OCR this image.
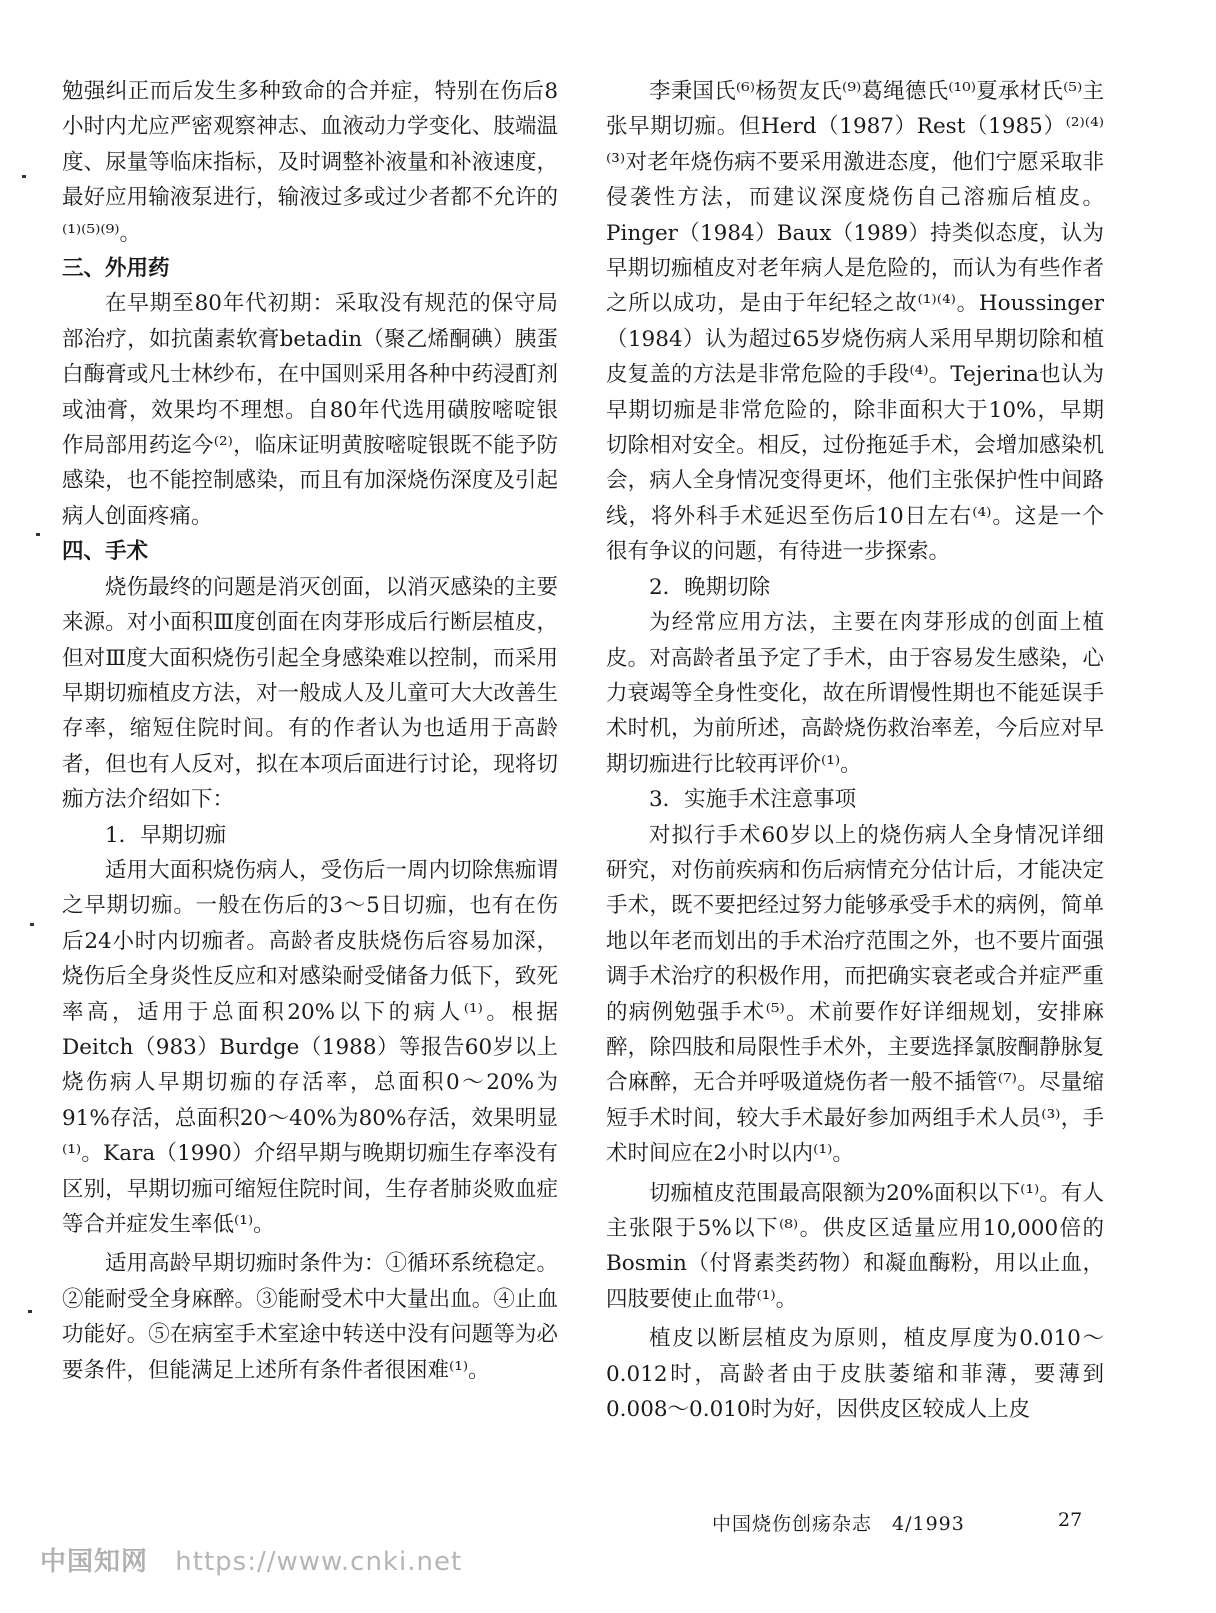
勉强纠正而后发生多种致命的合并症，特别在伤后8小时内尤应严密观察神志、血液动力学变化、肢端温度、尿量等临床指标，及时调整补液量和补液速度，最好应用输液泵进行，输液过多或过少者都不允许的⁽¹⁾⁽⁵⁾⁽⁹⁾。

三、外用药

在早期至80年代初期：采取没有规范的保守局部治疗，如抗菌素软膏betadin（聚乙烯酮碘）胰蛋白酶膏或凡士林纱布，在中国则采用各种中药浸酊剂或油膏，效果均不理想。自80年代选用磺胺嘧啶银作局部用药迄今⁽²⁾，临床证明黄胺嘧啶银既不能予防感染，也不能控制感染，而且有加深烧伤深度及引起病人创面疼痛。

四、手术

烧伤最终的问题是消灭创面，以消灭感染的主要来源。对小面积Ⅲ度创面在肉芽形成后行断层植皮，但对Ⅲ度大面积烧伤引起全身感染难以控制，而采用早期切痂植皮方法，对一般成人及儿童可大大改善生存率，缩短住院时间。有的作者认为也适用于高龄者，但也有人反对，拟在本项后面进行讨论，现将切痂方法介绍如下：

1．早期切痂

适用大面积烧伤病人，受伤后一周内切除焦痂谓之早期切痂。一般在伤后的3～5日切痂，也有在伤后24小时内切痂者。高龄者皮肤烧伤后容易加深，烧伤后全身炎性反应和对感染耐受储备力低下，致死率高，适用于总面积20%以下的病人⁽¹⁾。根据Deitch（983）Burdge（1988）等报告60岁以上烧伤病人早期切痂的存活率，总面积0～20%为91%存活，总面积20～40%为80%存活，效果明显⁽¹⁾。Kara（1990）介绍早期与晚期切痂生存率没有区别，早期切痂可缩短住院时间，生存者肺炎败血症等合并症发生率低⁽¹⁾。

适用高龄早期切痂时条件为：①循环系统稳定。②能耐受全身麻醉。③能耐受术中大量出血。④止血功能好。⑤在病室手术室途中转送中没有问题等为必要条件，但能满足上述所有条件者很困难⁽¹⁾。

李秉国氏⁽⁶⁾杨贺友氏⁽⁹⁾葛绳德氏⁽¹⁰⁾夏承材氏⁽⁵⁾主张早期切痂。但Herd（1987）Rest（1985）⁽²⁾⁽⁴⁾⁽³⁾对老年烧伤病不要采用激进态度，他们宁愿采取非侵袭性方法，而建议深度烧伤自己溶痂后植皮。Pinger（1984）Baux（1989）持类似态度，认为早期切痂植皮对老年病人是危险的，而认为有些作者之所以成功，是由于年纪轻之故⁽¹⁾⁽⁴⁾。Houssinger（1984）认为超过65岁烧伤病人采用早期切除和植皮复盖的方法是非常危险的手段⁽⁴⁾。Tejerina也认为早期切痂是非常危险的，除非面积大于10%，早期切除相对安全。相反，过份拖延手术，会增加感染机会，病人全身情况变得更坏，他们主张保护性中间路线，将外科手术延迟至伤后10日左右⁽⁴⁾。这是一个很有争议的问题，有待进一步探索。

2．晚期切除

为经常应用方法，主要在肉芽形成的创面上植皮。对高龄者虽予定了手术，由于容易发生感染，心力衰竭等全身性变化，故在所谓慢性期也不能延误手术时机，为前所述，高龄烧伤救治率差，今后应对早期切痂进行比较再评价⁽¹⁾。

3．实施手术注意事项

对拟行手术60岁以上的烧伤病人全身情况详细研究，对伤前疾病和伤后病情充分估计后，才能决定手术，既不要把经过努力能够承受手术的病例，简单地以年老而划出的手术治疗范围之外，也不要片面强调手术治疗的积极作用，而把确实衰老或合并症严重的病例勉强手术⁽⁵⁾。术前要作好详细规划，安排麻醉，除四肢和局限性手术外，主要选择氯胺酮静脉复合麻醉，无合并呼吸道烧伤者一般不插管⁽⁷⁾。尽量缩短手术时间，较大手术最好参加两组手术人员⁽³⁾，手术时间应在2小时以内⁽¹⁾。

切痂植皮范围最高限额为20%面积以下⁽¹⁾。有人主张限于5%以下⁽⁸⁾。供皮区适量应用10,000倍的Bosmin（付肾素类药物）和凝血酶粉，用以止血，四肢要使止血带⁽¹⁾。

植皮以断层植皮为原则，植皮厚度为0.010～0.012时，高龄者由于皮肤萎缩和菲薄，要薄到0.008～0.010时为好，因供皮区较成人上皮

中国烧伤创疡杂志　4/1993	27
中国知网 https://www.cnki.net
